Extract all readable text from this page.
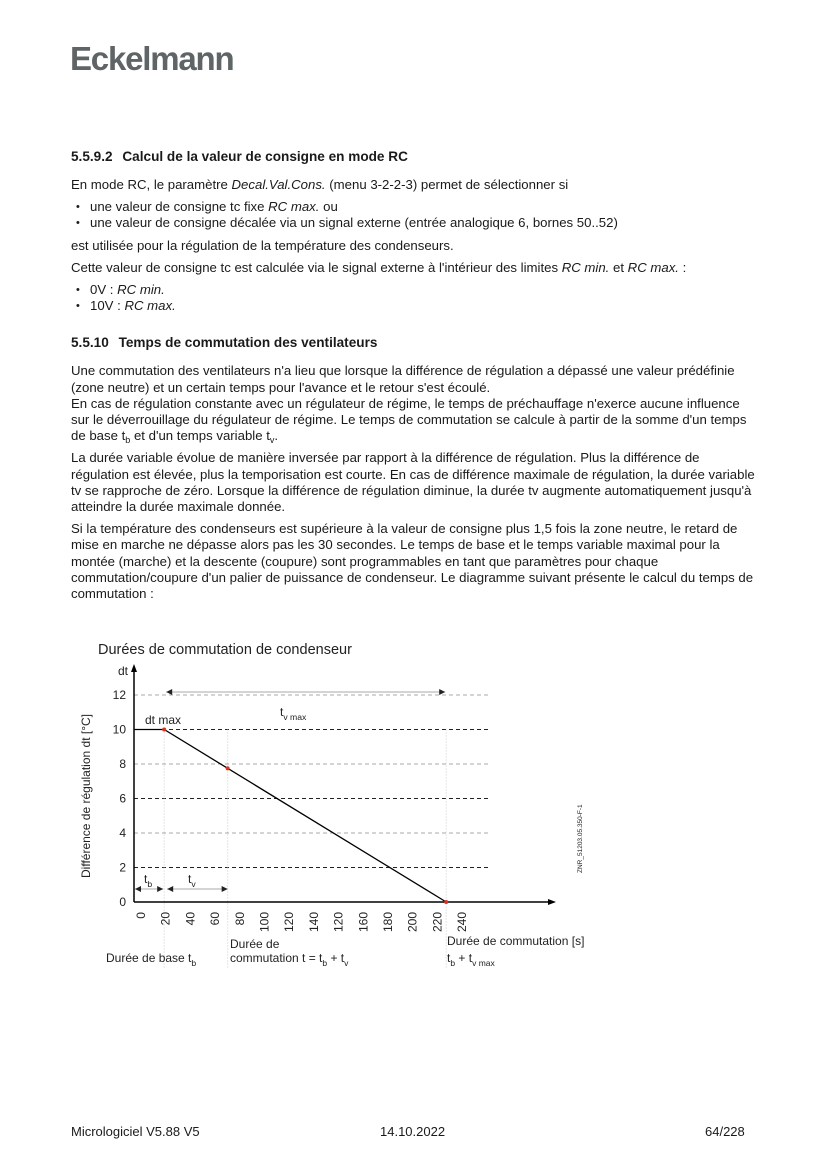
Eckelmann
5.5.9.2 Calcul de la valeur de consigne en mode RC

En mode RC, le paramètre Decal.Val.Cons. (menu 3-2-2-3) permet de sélectionner si

• une valeur de consigne tc fixe RC max. ou
• une valeur de consigne décalée via un signal externe (entrée analogique 6, bornes 50..52)

est utilisée pour la régulation de la température des condenseurs.

Cette valeur de consigne tc est calculée via le signal externe à l'intérieur des limites RC min. et RC max. :

• 0V : RC min.
• 10V : RC max.
5.5.10 Temps de commutation des ventilateurs

Une commutation des ventilateurs n'a lieu que lorsque la différence de régulation a dépassé une valeur prédéfinie (zone neutre) et un certain temps pour l'avance et le retour s'est écoulé.
En cas de régulation constante avec un régulateur de régime, le temps de préchauffage n'exerce aucune influence sur le déverrouillage du régulateur de régime. Le temps de commutation se calcule à partir de la somme d'un temps de base $t_b$ et d'un temps variable $t_v$.

La durée variable évolue de manière inversée par rapport à la différence de régulation. Plus la différence de régulation est élevée, plus la temporisation est courte. En cas de différence maximale de régulation, la durée variable tv se rapproche de zéro. Lorsque la différence de régulation diminue, la durée tv augmente automatiquement jusqu'à atteindre la durée maximale donnée.

Si la température des condenseurs est supérieure à la valeur de consigne plus 1,5 fois la zone neutre, le retard de mise en marche ne dépasse alors pas les 30 secondes. Le temps de base et le temps variable maximal pour la montée (marche) et la descente (coupure) sont programmables en tant que paramètres pour chaque commutation/coupure d'un palier de puissance de condenseur. Le diagramme suivant présente le calcul du temps de commutation :

Durées de commutation de condenseur
dt
Différence de régulation dt [°C]
0
2
4
6
8
10
12
0 20 40 60 80 100 120 140 120 160 180 200 220 240
$t_{v max}$
$t_b$	$t_v$
dt max
Durée de commutation [s]
Durée de base $t_b$
Durée de
commutation $t = t_b + t_v$	$t_b + t_{v max}$
ZNR_51203.05.350-F-1
Micrologiciel V5.88 V5	14.10.2022	64/228
